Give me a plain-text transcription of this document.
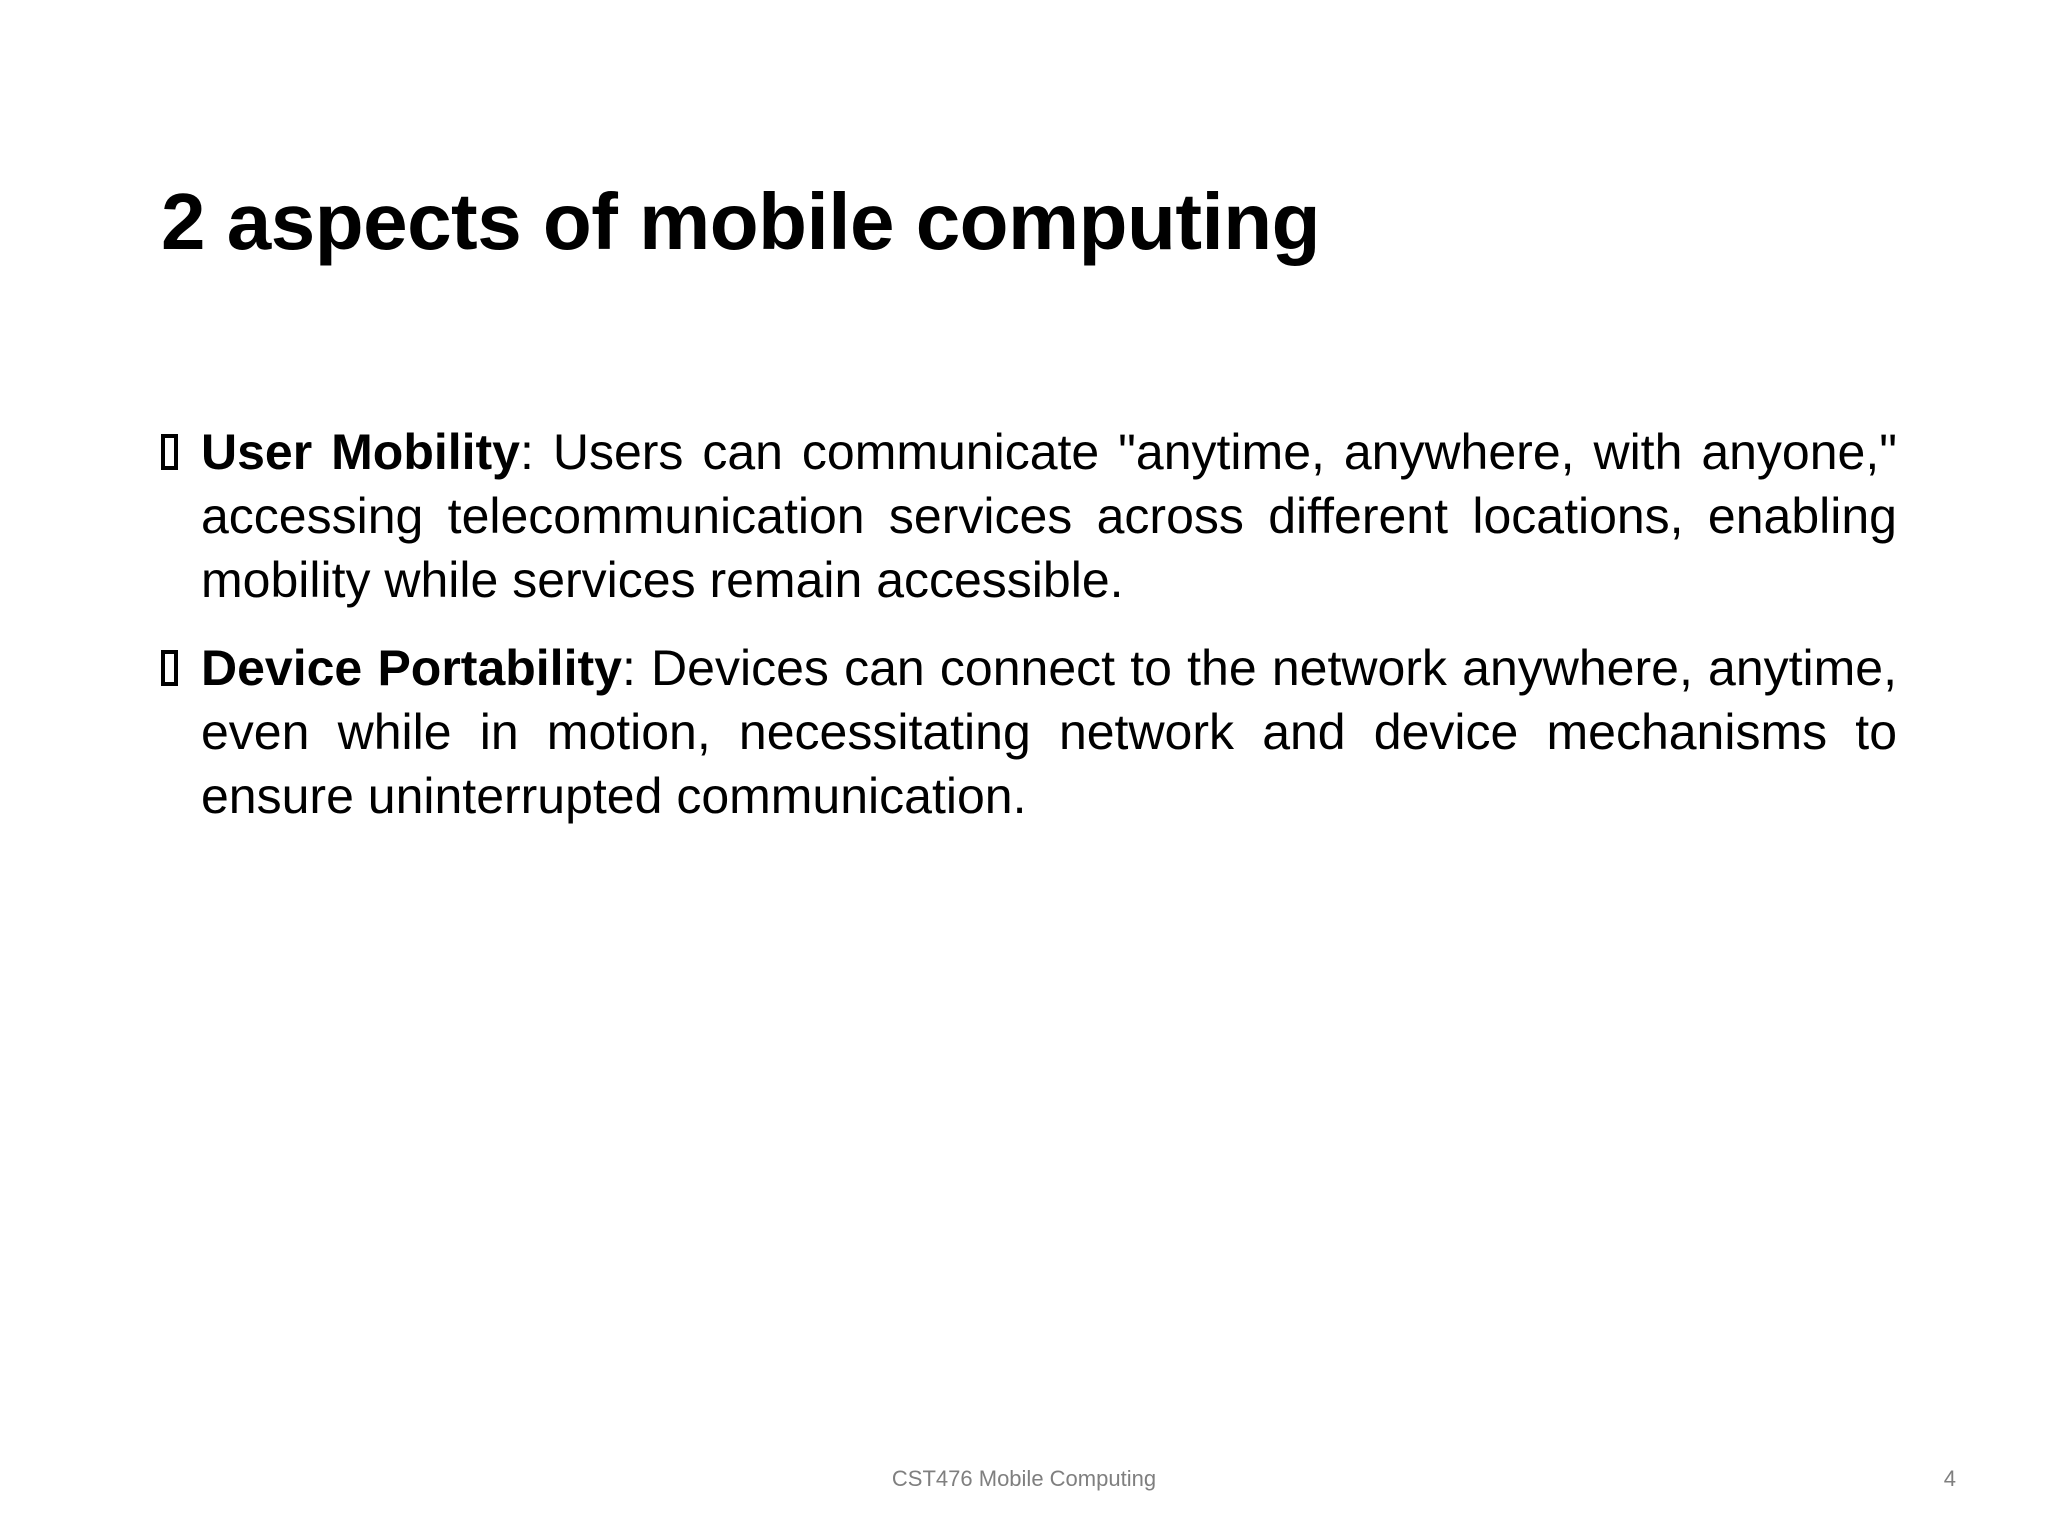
2 aspects of mobile computing
User Mobility: Users can communicate "anytime, anywhere, with anyone," accessing telecommunication services across different locations, enabling mobility while services remain accessible.
Device Portability: Devices can connect to the network anywhere, anytime, even while in motion, necessitating network and device mechanisms to ensure uninterrupted communication.
CST476 Mobile Computing	4
